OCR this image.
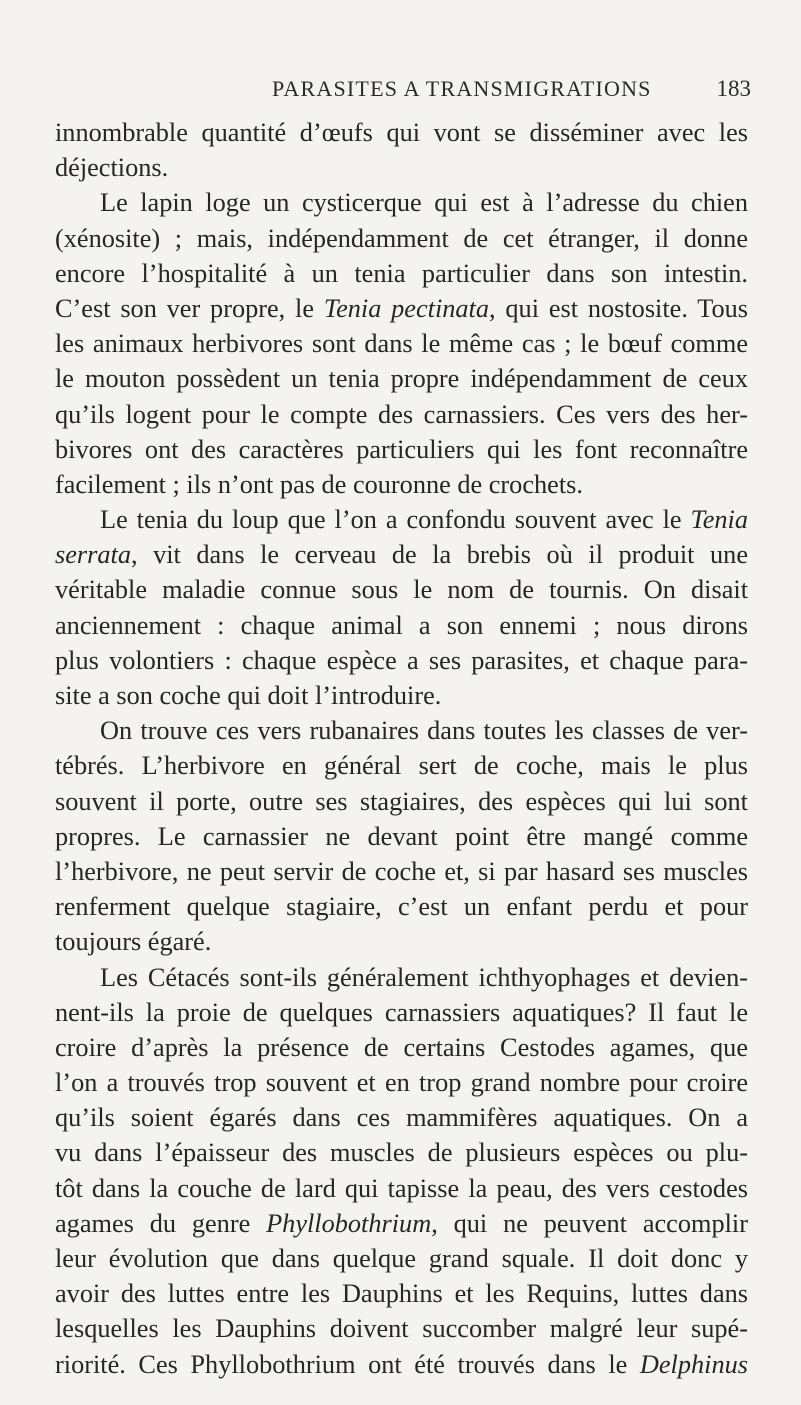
PARASITES A TRANSMIGRATIONS	183
innombrable quantité d’œufs qui vont se disséminer avec les
déjections.
Le lapin loge un cysticerque qui est à l’adresse du chien
(xénosite) ; mais, indépendamment de cet étranger, il donne
encore l’hospitalité à un tenia particulier dans son intestin.
C’est son ver propre, le Tenia pectinata, qui est nostosite. Tous
les animaux herbivores sont dans le même cas ; le bœuf comme
le mouton possèdent un tenia propre indépendamment de ceux
qu’ils logent pour le compte des carnassiers. Ces vers des her-
bivores ont des caractères particuliers qui les font reconnaître
facilement ; ils n’ont pas de couronne de crochets.
Le tenia du loup que l’on a confondu souvent avec le Tenia
serrata, vit dans le cerveau de la brebis où il produit une
véritable maladie connue sous le nom de tournis. On disait
anciennement : chaque animal a son ennemi ; nous dirons
plus volontiers : chaque espèce a ses parasites, et chaque para-
site a son coche qui doit l’introduire.
On trouve ces vers rubanaires dans toutes les classes de ver-
tébrés. L’herbivore en général sert de coche, mais le plus
souvent il porte, outre ses stagiaires, des espèces qui lui sont
propres. Le carnassier ne devant point être mangé comme
l’herbivore, ne peut servir de coche et, si par hasard ses muscles
renferment quelque stagiaire, c’est un enfant perdu et pour
toujours égaré.
Les Cétacés sont-ils généralement ichthyophages et devien-
nent-ils la proie de quelques carnassiers aquatiques? Il faut le
croire d’après la présence de certains Cestodes agames, que
l’on a trouvés trop souvent et en trop grand nombre pour croire
qu’ils soient égarés dans ces mammifères aquatiques. On a
vu dans l’épaisseur des muscles de plusieurs espèces ou plu-
tôt dans la couche de lard qui tapisse la peau, des vers cestodes
agames du genre Phyllobothrium, qui ne peuvent accomplir
leur évolution que dans quelque grand squale. Il doit donc y
avoir des luttes entre les Dauphins et les Requins, luttes dans
lesquelles les Dauphins doivent succomber malgré leur supé-
riorité. Ces Phyllobothrium ont été trouvés dans le Delphinus
